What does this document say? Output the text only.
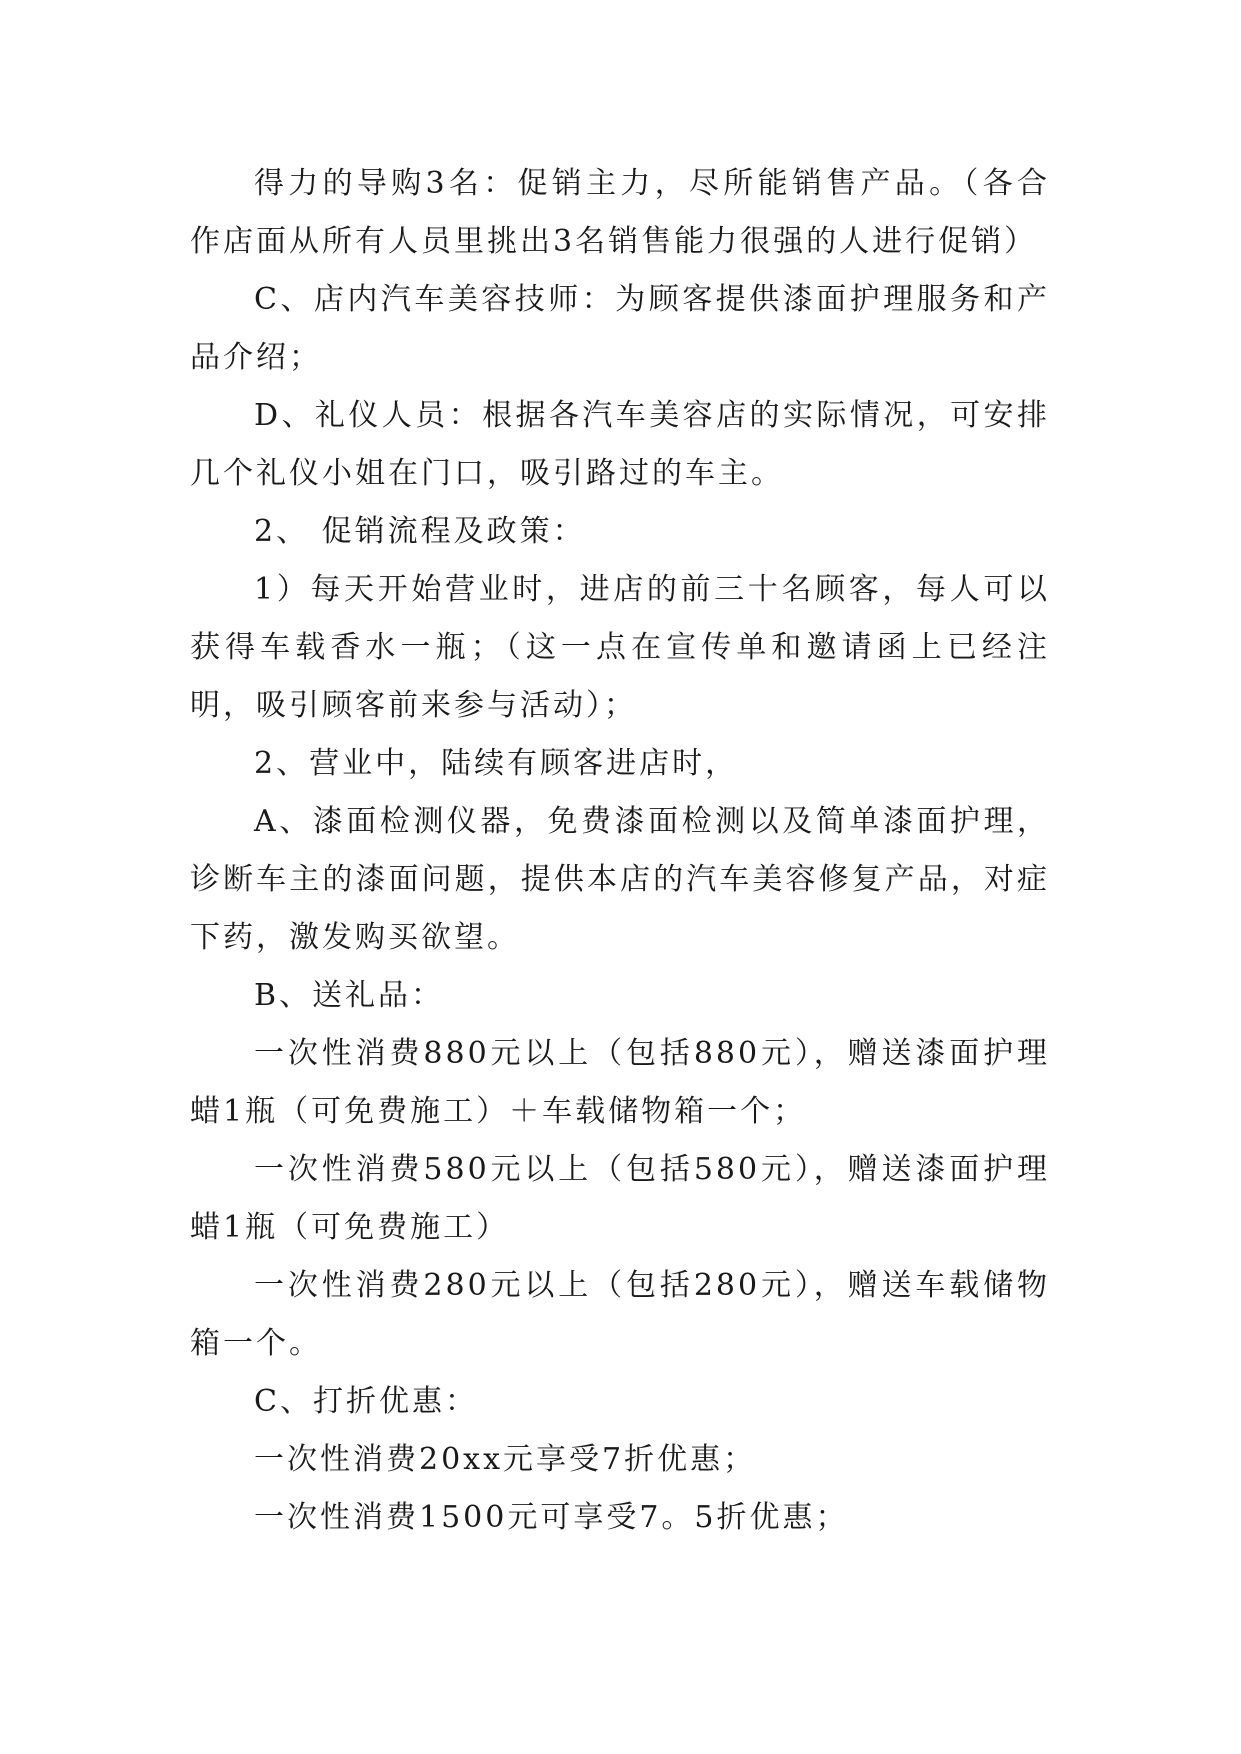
得力的导购3名：促销主力，尽所能销售产品。（各合作店面从所有人员里挑出3名销售能力很强的人进行促销）

C、店内汽车美容技师：为顾客提供漆面护理服务和产品介绍；

D、礼仪人员：根据各汽车美容店的实际情况，可安排几个礼仪小姐在门口，吸引路过的车主。

2、 促销流程及政策：

1）每天开始营业时，进店的前三十名顾客，每人可以获得车载香水一瓶；（这一点在宣传单和邀请函上已经注明，吸引顾客前来参与活动）；

2、营业中，陆续有顾客进店时，

A、漆面检测仪器，免费漆面检测以及简单漆面护理，诊断车主的漆面问题，提供本店的汽车美容修复产品，对症下药，激发购买欲望。

B、送礼品：

一次性消费880元以上（包括880元），赠送漆面护理蜡1瓶（可免费施工）＋车载储物箱一个；

一次性消费580元以上（包括580元），赠送漆面护理蜡1瓶（可免费施工）

一次性消费280元以上（包括280元），赠送车载储物箱一个。

C、打折优惠：

一次性消费20xx元享受7折优惠；

一次性消费1500元可享受7。5折优惠；
